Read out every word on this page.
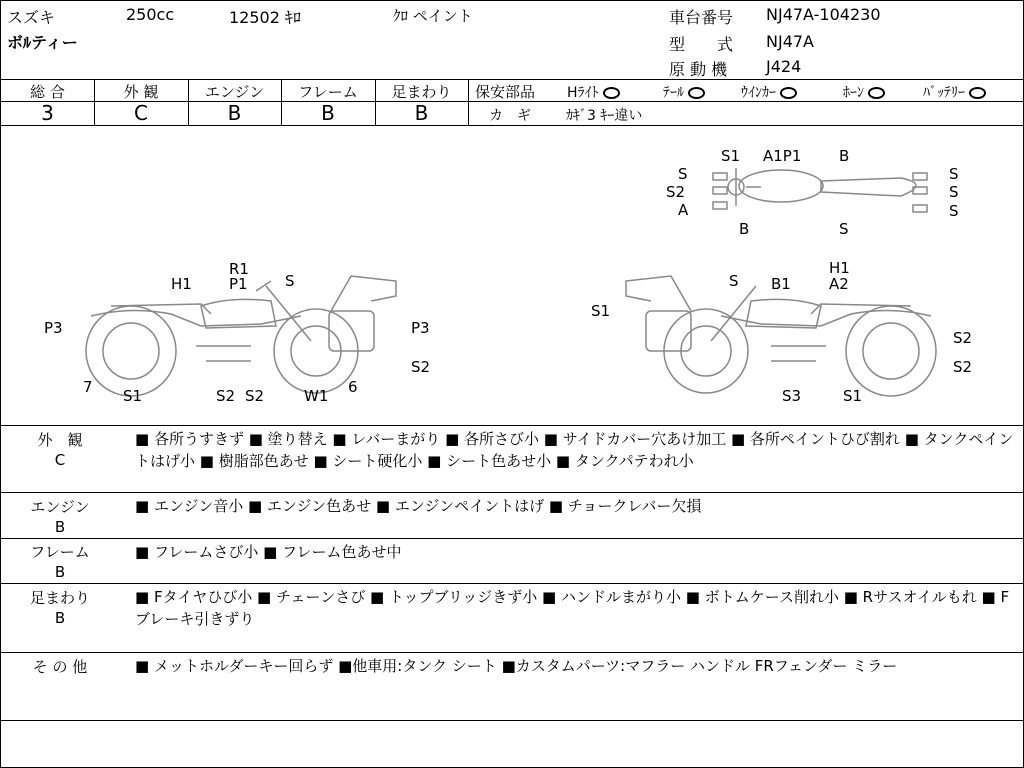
スズキ	250cc	12502 ｷﾛ	ｸﾛ ペイント
ボﾙティー
車台番号 NJ47A-104230
型　　式 NJ47A
原 動 機 J424
総 合
3
外 観
C
エンジン
B
フレーム
B
足まわり
B
保安部品 Hﾗｲﾄ	ﾃｰﾙ	ｳｲﾝｶｰ	ﾎｰﾝ	ﾊﾞｯﾃﾘｰ
カ　ギ	ｶｷﾞ3 ｷｰ違い
S1 A1P1	B
S
S2
A
B	S
S
S
S
R1
P1 S
H1
P3	P3
7 S1	S2 S2	W1 6
S2
S B1
H1
A2
S1
S2
S2
S3	S1
外　観
C
■ 各所うすきず ■ 塗り替え ■ レバーまがり ■ 各所さび小 ■ サイドカバー穴あけ加工 ■ 各所ペイントひび割れ ■ タンクペイントはげ小 ■ 樹脂部色あせ ■ シート硬化小 ■ シート色あせ小 ■ タンクパテわれ小
エンジン
B
■ エンジン音小 ■ エンジン色あせ ■ エンジンペイントはげ ■ チョークレバー欠損
フレーム
B
■ フレームさび小 ■ フレーム色あせ中
足まわり
B
■ Fタイヤひび小 ■ チェーンさび ■ トップブリッジきず小 ■ ハンドルまがり小 ■ ボトムケース削れ小 ■ Rサスオイルもれ ■ Fブレーキ引きずり
そ の 他	■ メットホルダーキー回らず ■他車用:タンク シート ■カスタムパーツ:マフラー ハンドル FRフェンダー ミラー
